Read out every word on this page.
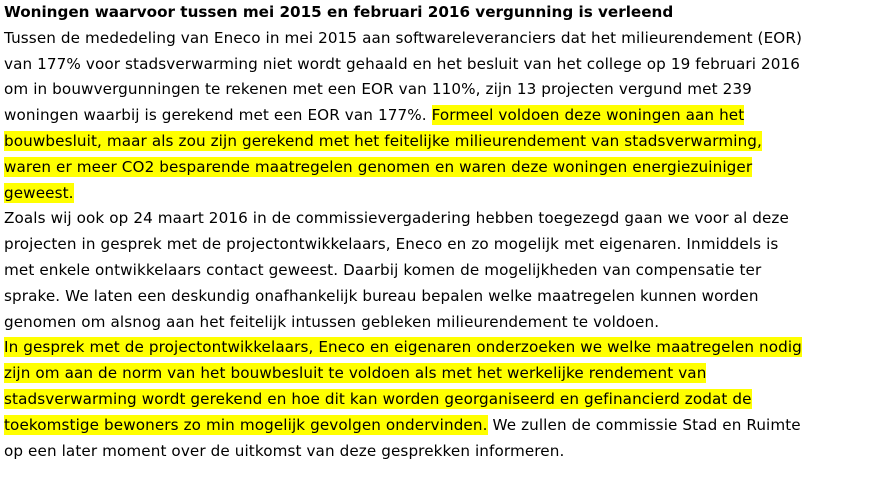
Woningen waarvoor tussen mei 2015 en februari 2016 vergunning is verleend
Tussen de mededeling van Eneco in mei 2015 aan softwareleveranciers dat het milieurendement (EOR)
van 177% voor stadsverwarming niet wordt gehaald en het besluit van het college op 19 februari 2016
om in bouwvergunningen te rekenen met een EOR van 110%, zijn 13 projecten vergund met 239
woningen waarbij is gerekend met een EOR van 177%. Formeel voldoen deze woningen aan het
bouwbesluit, maar als zou zijn gerekend met het feitelijke milieurendement van stadsverwarming,
waren er meer CO2 besparende maatregelen genomen en waren deze woningen energiezuiniger
geweest.
Zoals wij ook op 24 maart 2016 in de commissievergadering hebben toegezegd gaan we voor al deze
projecten in gesprek met de projectontwikkelaars, Eneco en zo mogelijk met eigenaren. Inmiddels is
met enkele ontwikkelaars contact geweest. Daarbij komen de mogelijkheden van compensatie ter
sprake. We laten een deskundig onafhankelijk bureau bepalen welke maatregelen kunnen worden
genomen om alsnog aan het feitelijk intussen gebleken milieurendement te voldoen.
In gesprek met de projectontwikkelaars, Eneco en eigenaren onderzoeken we welke maatregelen nodig
zijn om aan de norm van het bouwbesluit te voldoen als met het werkelijke rendement van
stadsverwarming wordt gerekend en hoe dit kan worden georganiseerd en gefinancierd zodat de
toekomstige bewoners zo min mogelijk gevolgen ondervinden. We zullen de commissie Stad en Ruimte
op een later moment over de uitkomst van deze gesprekken informeren.
